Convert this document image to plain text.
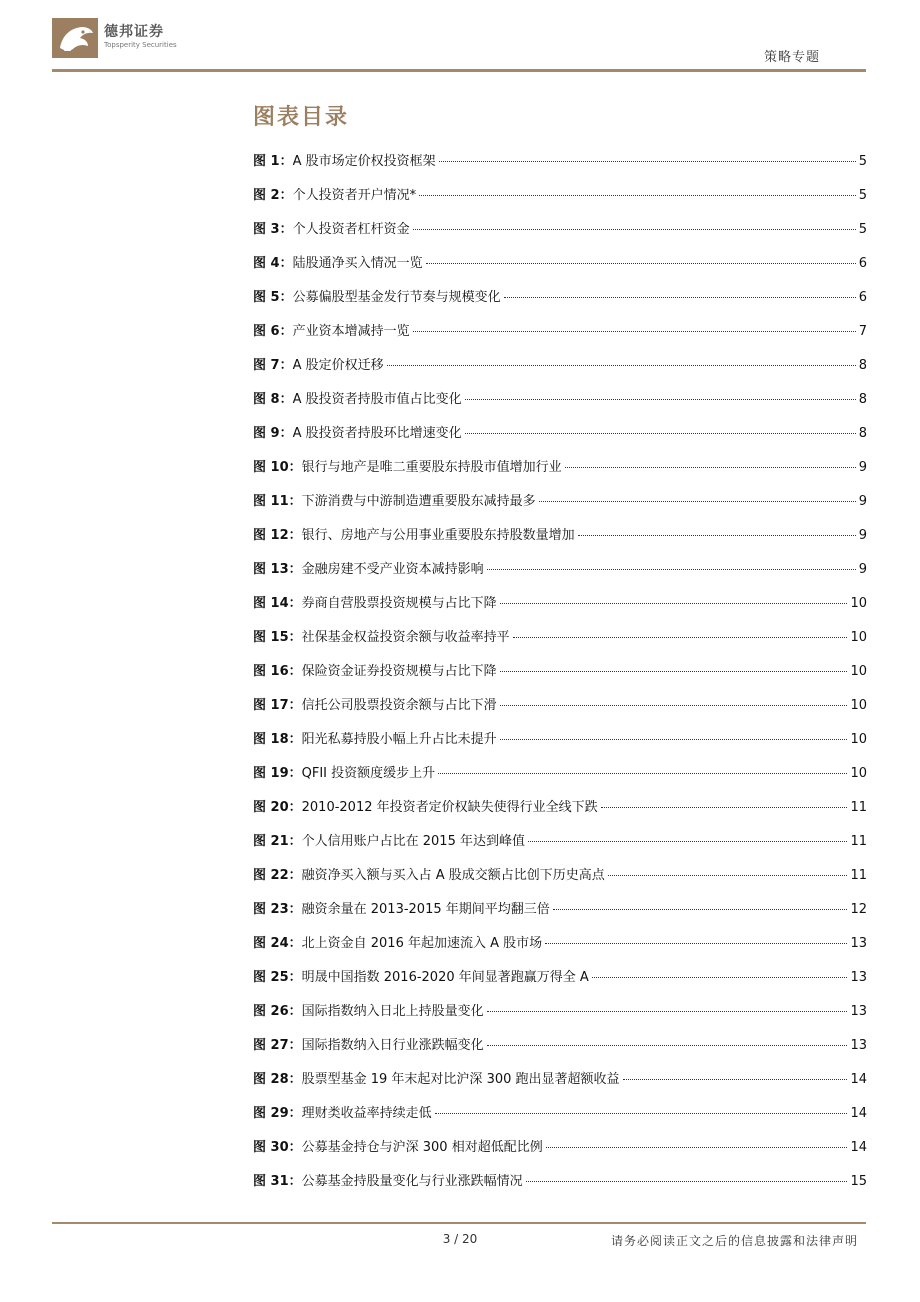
德邦证券
Topsperity Securities
策略专题
图表目录
图 1： A 股市场定价权投资框架	5
图 2： 个人投资者开户情况*	5
图 3： 个人投资者杠杆资金	5
图 4： 陆股通净买入情况一览	6
图 5： 公募偏股型基金发行节奏与规模变化	6
图 6： 产业资本增减持一览	7
图 7： A 股定价权迁移	8
图 8： A 股投资者持股市值占比变化	8
图 9： A 股投资者持股环比增速变化	8
图 10： 银行与地产是唯二重要股东持股市值增加行业	9
图 11： 下游消费与中游制造遭重要股东减持最多	9
图 12： 银行、房地产与公用事业重要股东持股数量增加	9
图 13： 金融房建不受产业资本减持影响	9
图 14： 券商自营股票投资规模与占比下降	10
图 15： 社保基金权益投资余额与收益率持平	10
图 16： 保险资金证券投资规模与占比下降	10
图 17： 信托公司股票投资余额与占比下滑	10
图 18： 阳光私募持股小幅上升占比未提升	10
图 19： QFII 投资额度缓步上升	10
图 20： 2010-2012 年投资者定价权缺失使得行业全线下跌	11
图 21： 个人信用账户占比在 2015 年达到峰值	11
图 22： 融资净买入额与买入占 A 股成交额占比创下历史高点	11
图 23： 融资余量在 2013-2015 年期间平均翻三倍	12
图 24： 北上资金自 2016 年起加速流入 A 股市场	13
图 25： 明晟中国指数 2016-2020 年间显著跑赢万得全 A	13
图 26： 国际指数纳入日北上持股量变化	13
图 27： 国际指数纳入日行业涨跌幅变化	13
图 28： 股票型基金 19 年末起对比沪深 300 跑出显著超额收益	14
图 29： 理财类收益率持续走低	14
图 30： 公募基金持仓与沪深 300 相对超低配比例	14
图 31： 公募基金持股量变化与行业涨跌幅情况	15
3 / 20	请务必阅读正文之后的信息披露和法律声明
